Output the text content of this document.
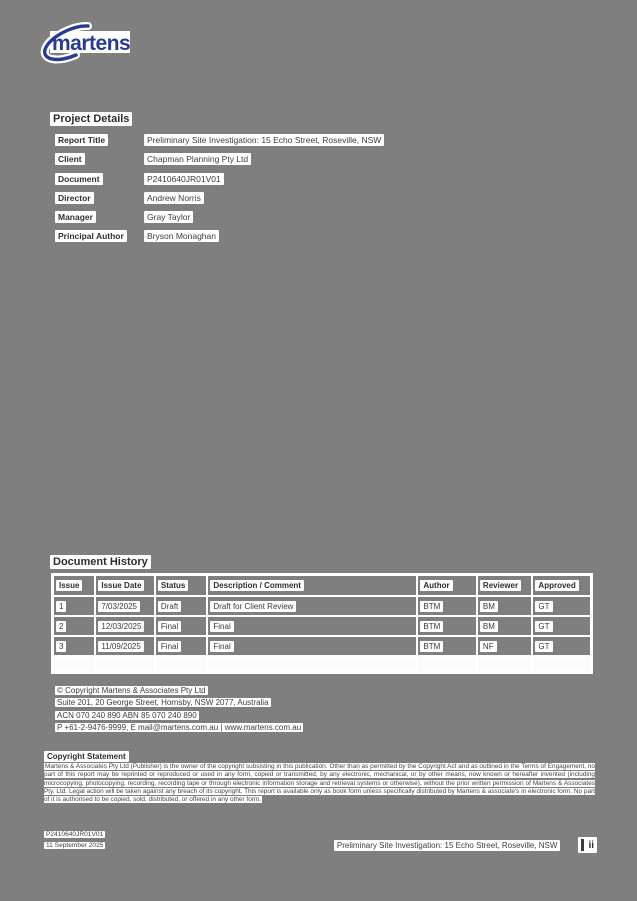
martens
Project Details
Report Title	Preliminary Site Investigation: 15 Echo Street, Roseville, NSW
Client	Chapman Planning Pty Ltd
Document	P2410640JR01V01
Director	Andrew Norris
Manager	Gray Taylor
Principal Author	Bryson Monaghan
Document History
Issue	Issue Date	Status	Description / Comment	Author	Reviewer	Approved
1	7/03/2025	Draft	Draft for Client Review	BTM	BM	GT
2	12/03/2025	Final	Final	BTM	BM	GT
3	11/09/2025	Final	Final	BTM	NF	GT

© Copyright Martens & Associates Pty Ltd
Suite 201, 20 George Street, Hornsby, NSW 2077, Australia
ACN 070 240 890 ABN 85 070 240 890
P +61-2-9476-9999, E mail@martens.com.au | www.martens.com.au
Copyright Statement
Martens & Associates Pty Ltd (Publisher) is the owner of the copyright subsisting in this publication. Other than as permitted by the Copyright Act and as outlined in the Terms of Engagement, no part of this report may be reprinted or reproduced or used in any form, copied or transmitted, by any electronic, mechanical, or by other means, now known or hereafter invented (including microcopying, photocopying, recording, recording tape or through electronic information storage and retrieval systems or otherwise), without the prior written permission of Martens & Associates Pty. Ltd. Legal action will be taken against any breach of its copyright. This report is available only as book form unless specifically distributed by Martens & associate's in electronic form. No part of it is authorised to be copied, sold, distributed, or offered in any other form.
P2410640JR01V01
11 September 2025	Preliminary Site Investigation: 15 Echo Street, Roseville, NSW	ii
